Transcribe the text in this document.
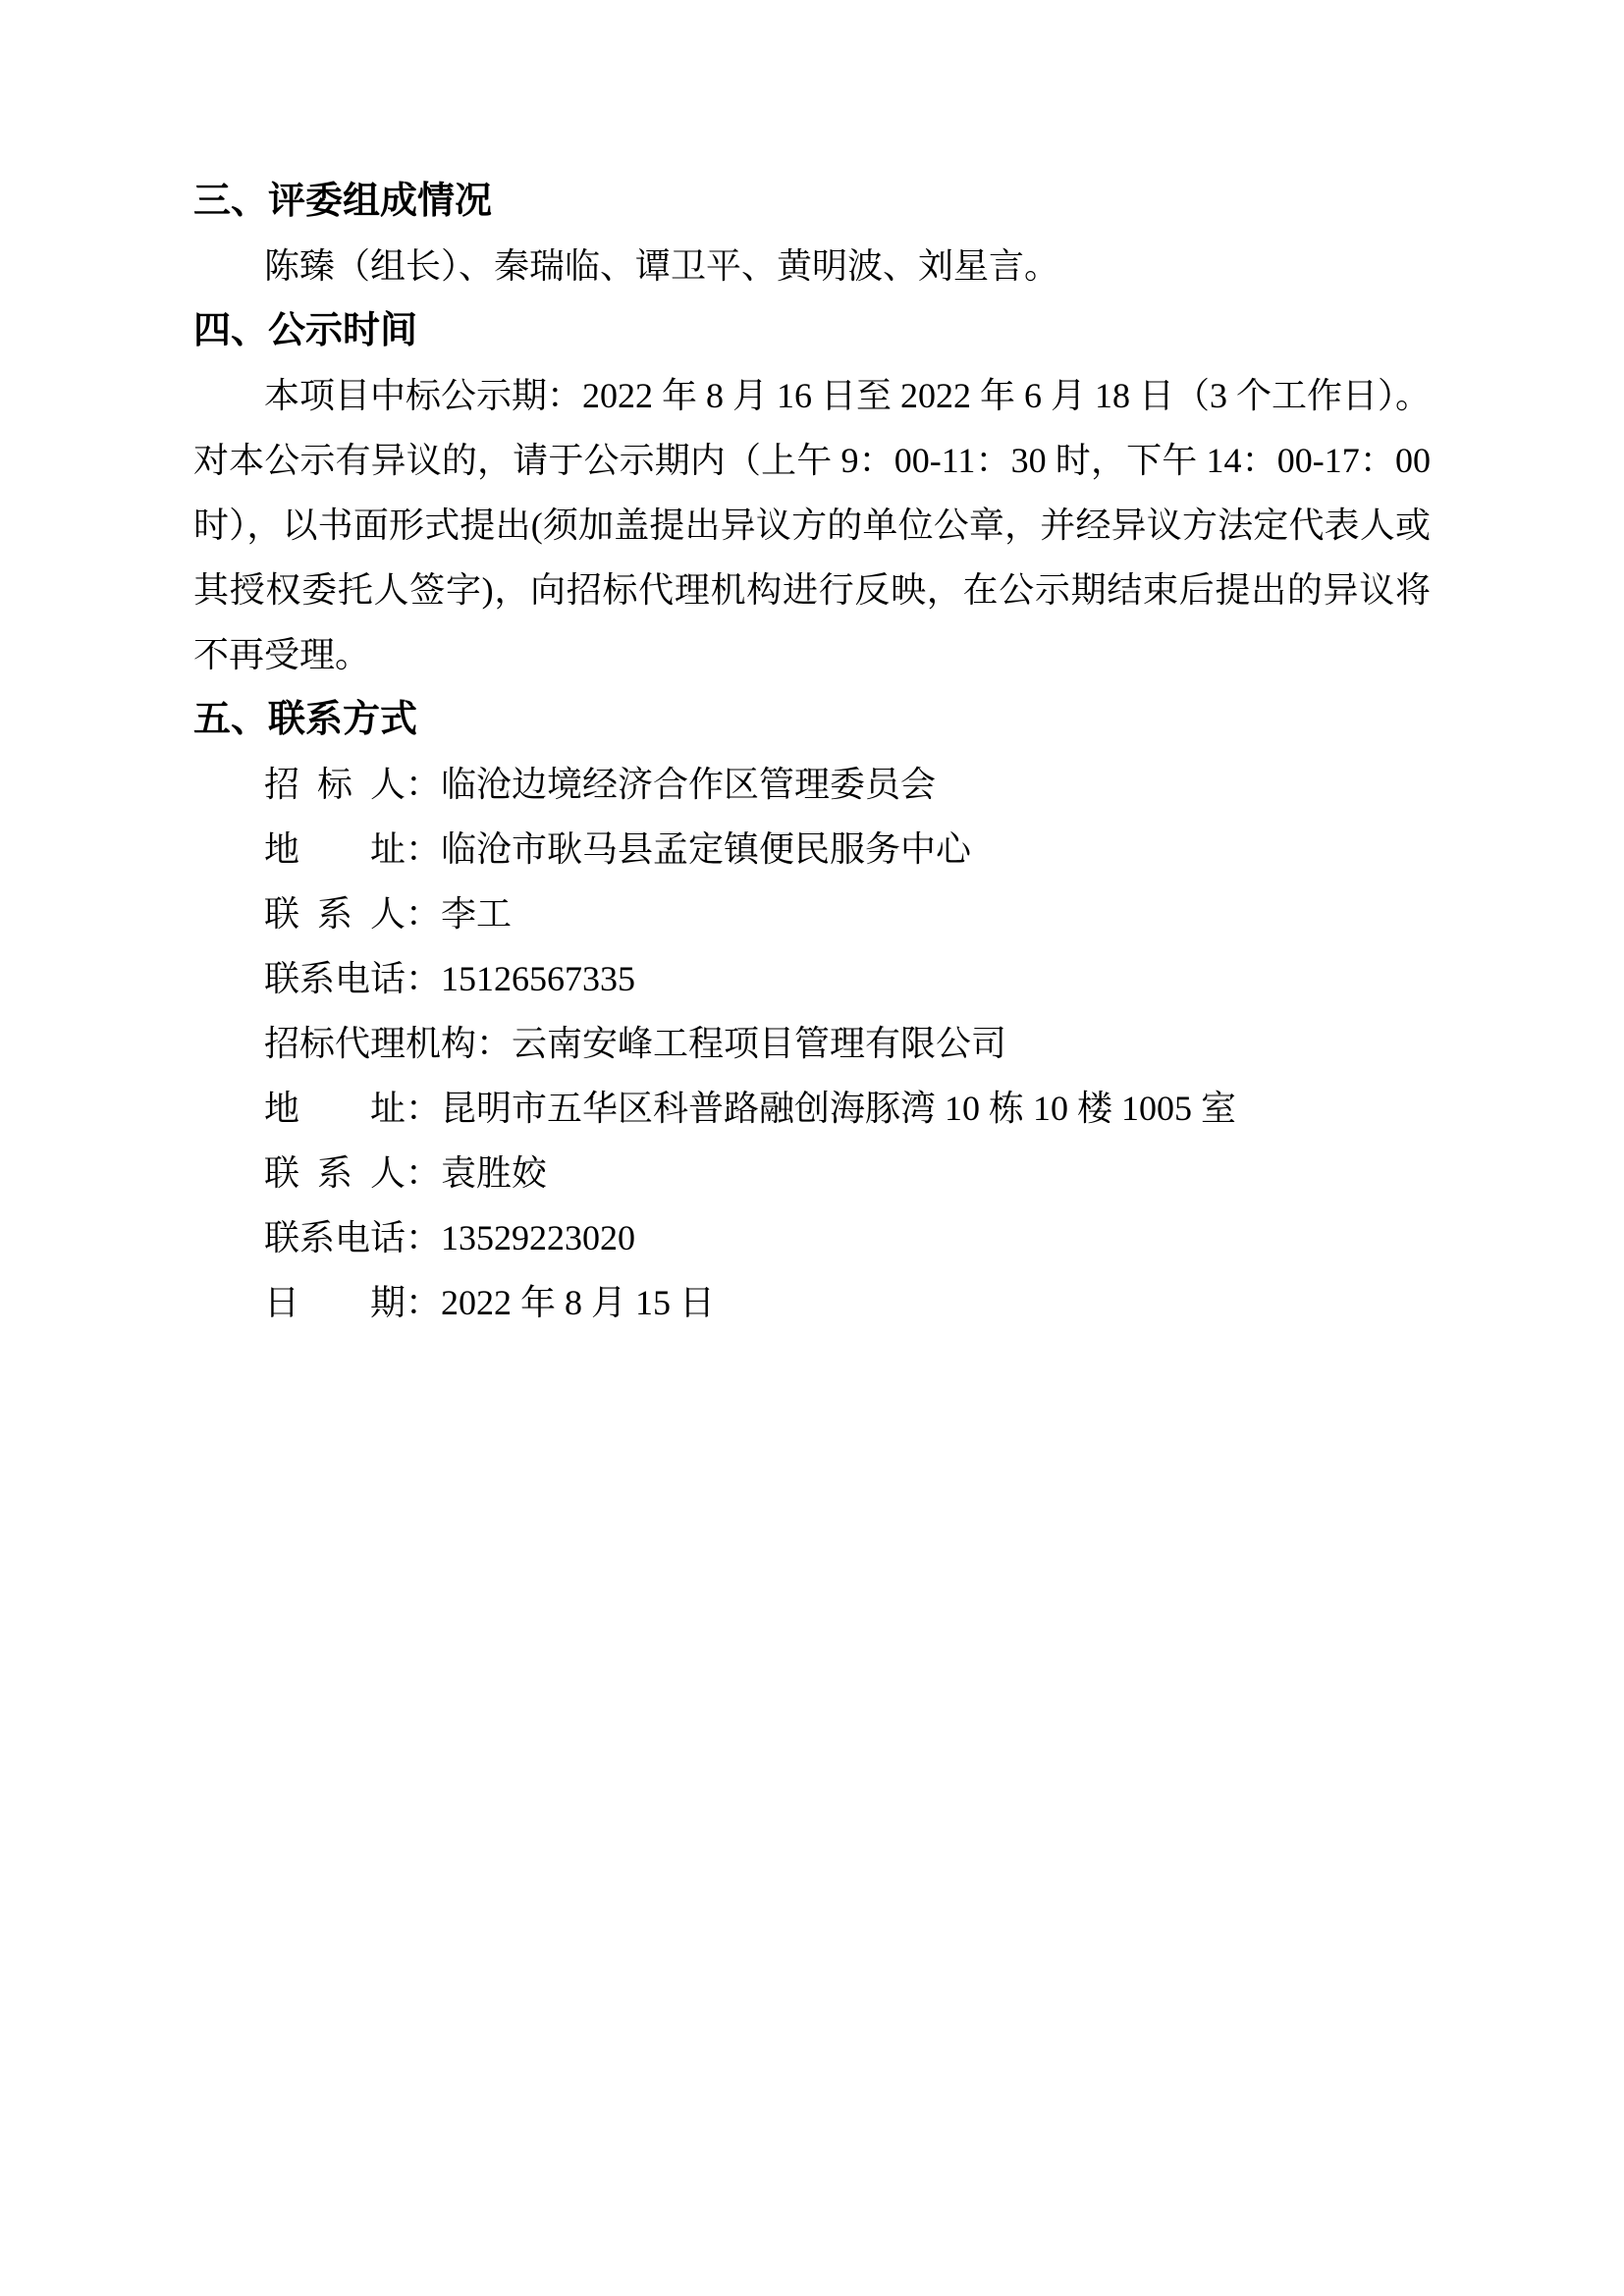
三、评委组成情况

陈臻（组长）、秦瑞临、谭卫平、黄明波、刘星言。

四、公示时间

本项目中标公示期：2022 年 8 月 16 日至 2022 年 6 月 18 日（3 个工作日）。对本公示有异议的，请于公示期内（上午 9：00-11：30 时，下午 14：00-17：00 时），以书面形式提出(须加盖提出异议方的单位公章，并经异议方法定代表人或其授权委托人签字)，向招标代理机构进行反映，在公示期结束后提出的异议将不再受理。

五、联系方式

招标人：临沧边境经济合作区管理委员会

地址：临沧市耿马县孟定镇便民服务中心

联系人：李工

联系电话：15126567335

招标代理机构：云南安峰工程项目管理有限公司

地址：昆明市五华区科普路融创海豚湾 10 栋 10 楼 1005 室

联系人：袁胜姣

联系电话：13529223020

日期：2022 年 8 月 15 日
